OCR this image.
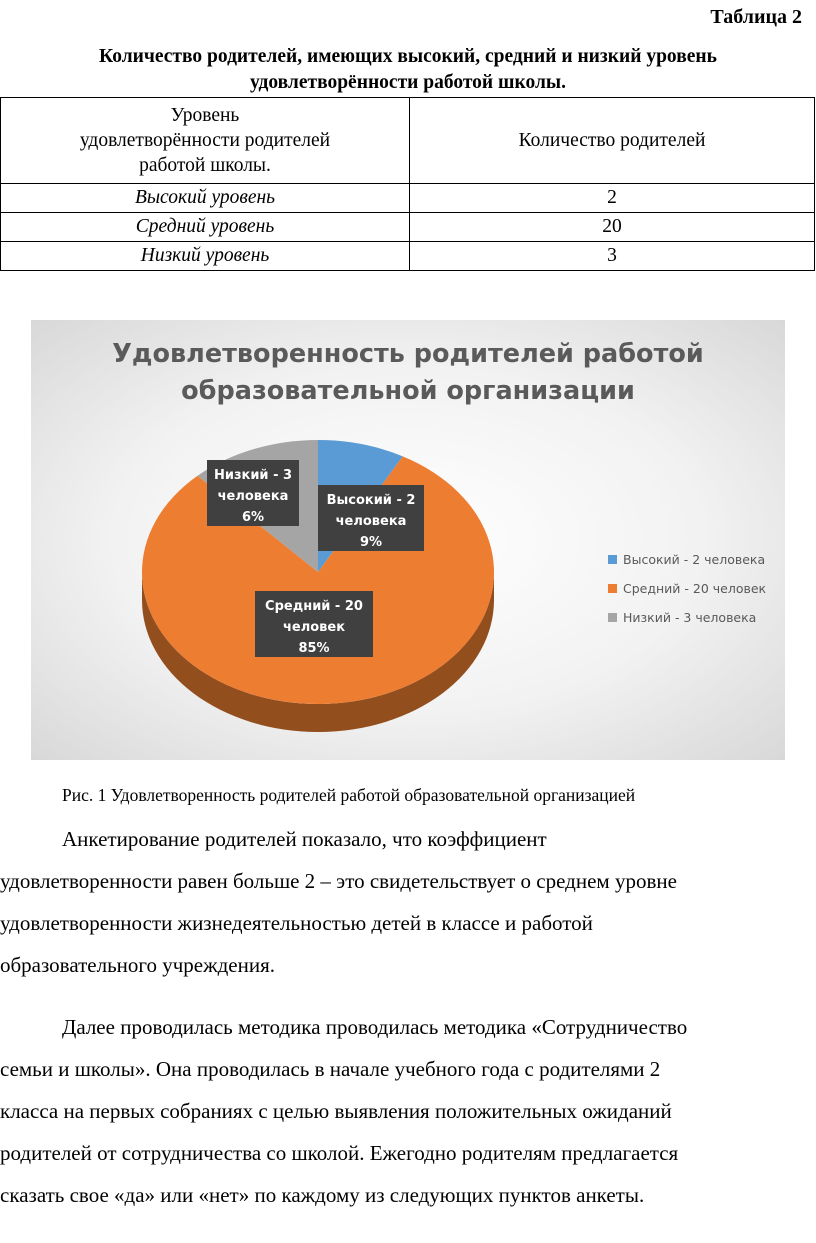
Таблица 2
Количество родителей, имеющих высокий, средний и низкий уровень
удовлетворённости работой школы.
Уровень
удовлетворённости родителей
работой школы.	Количество родителей
Высокий уровень	2
Средний уровень	20
Низкий уровень	3
Удовлетворенность родителей работой
образовательной организации
Высокий - 2
человека
9%
Средний - 20
человек
85%
Низкий - 3
человека
6%
Высокий - 2 человека
Средний - 20 человек
Низкий - 3 человека
Рис. 1 Удовлетворенность родителей работой образовательной организацией

Анкетирование родителей показало, что коэффициент
удовлетворенности равен больше 2 – это свидетельствует о среднем уровне
удовлетворенности жизнедеятельностью детей в классе и работой
образовательного учреждения.

Далее проводилась методика проводилась методика «Сотрудничество
семьи и школы». Она проводилась в начале учебного года с родителями 2
класса на первых собраниях с целью выявления положительных ожиданий
родителей от сотрудничества со школой. Ежегодно родителям предлагается
сказать свое «да» или «нет» по каждому из следующих пунктов анкеты.
